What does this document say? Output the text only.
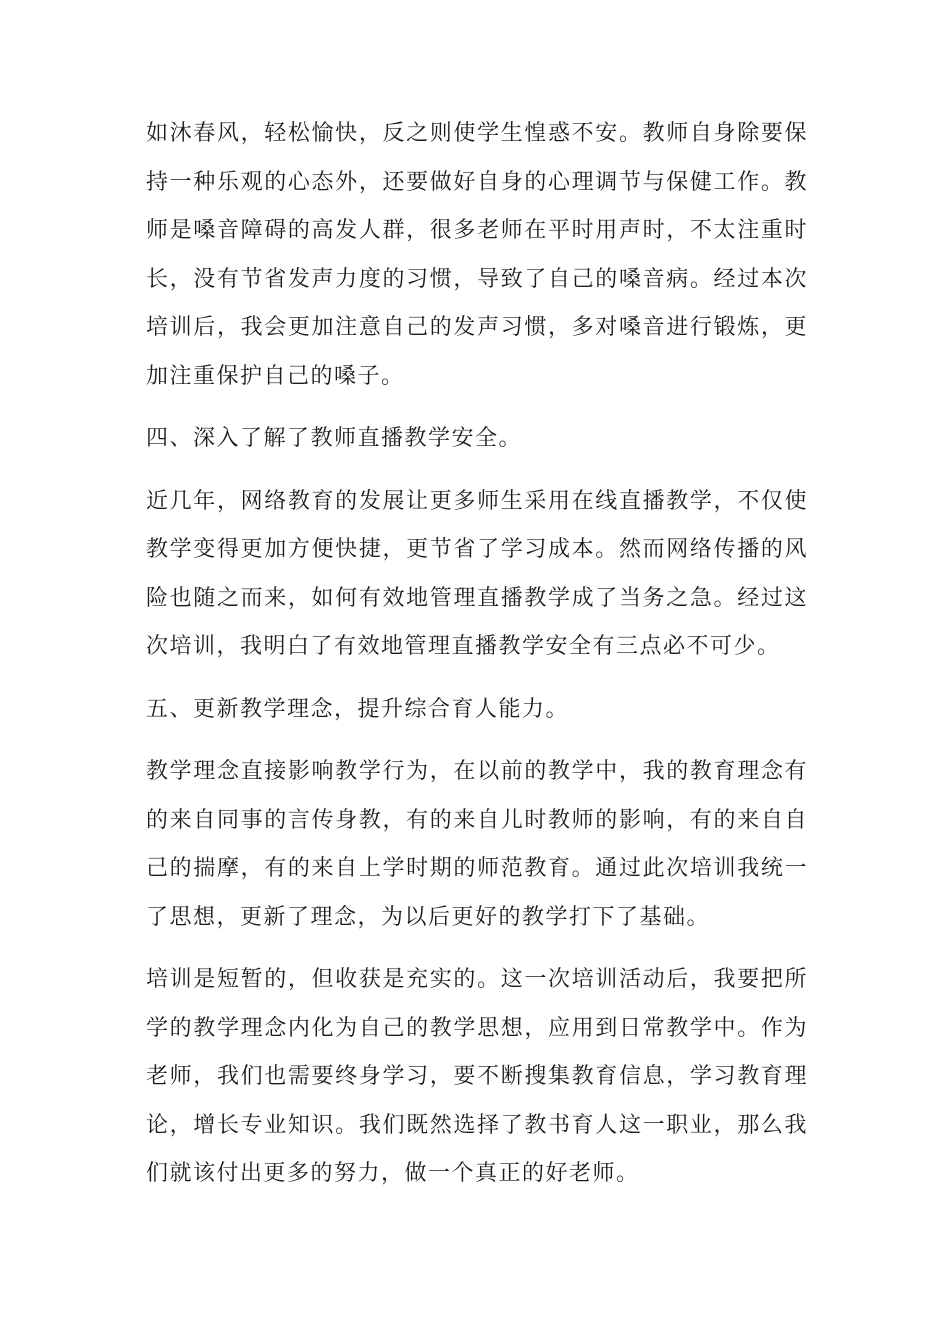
如沐春风，轻松愉快，反之则使学生惶惑不安。教师自身除要保持一种乐观的心态外，还要做好自身的心理调节与保健工作。教师是嗓音障碍的高发人群，很多老师在平时用声时，不太注重时长，没有节省发声力度的习惯，导致了自己的嗓音病。经过本次培训后，我会更加注意自己的发声习惯，多对嗓音进行锻炼，更加注重保护自己的嗓子。

四、深入了解了教师直播教学安全。

近几年，网络教育的发展让更多师生采用在线直播教学，不仅使教学变得更加方便快捷，更节省了学习成本。然而网络传播的风险也随之而来，如何有效地管理直播教学成了当务之急。经过这次培训，我明白了有效地管理直播教学安全有三点必不可少。

五、更新教学理念，提升综合育人能力。

教学理念直接影响教学行为，在以前的教学中，我的教育理念有的来自同事的言传身教，有的来自儿时教师的影响，有的来自自己的揣摩，有的来自上学时期的师范教育。通过此次培训我统一了思想，更新了理念，为以后更好的教学打下了基础。

培训是短暂的，但收获是充实的。这一次培训活动后，我要把所学的教学理念内化为自己的教学思想，应用到日常教学中。作为老师，我们也需要终身学习，要不断搜集教育信息，学习教育理论，增长专业知识。我们既然选择了教书育人这一职业，那么我们就该付出更多的努力，做一个真正的好老师。
